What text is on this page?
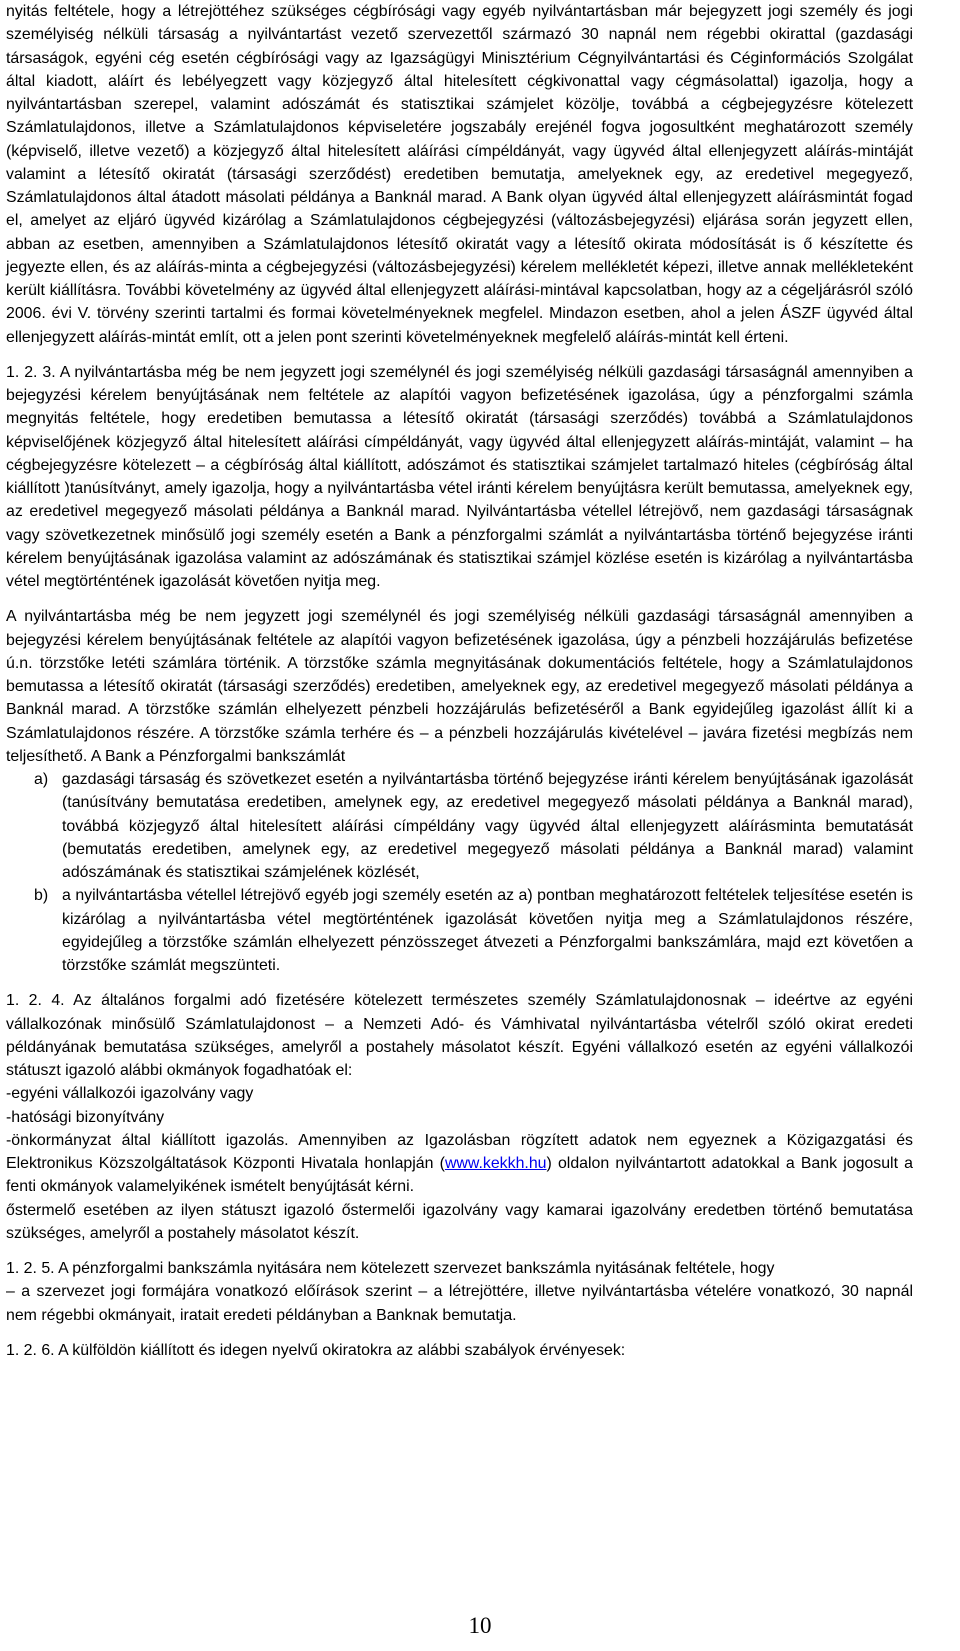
nyitás feltétele, hogy a létrejöttéhez szükséges cégbírósági vagy egyéb nyilvántartásban már bejegyzett jogi személy és jogi személyiség nélküli társaság a nyilvántartást vezető szervezettől származó 30 napnál nem régebbi okirattal (gazdasági társaságok, egyéni cég esetén cégbírósági vagy az Igazságügyi Minisztérium Cégnyilvántartási és Céginformációs Szolgálat által kiadott, aláírt és lebélyegzett vagy közjegyző által hitelesített cégkivonattal vagy cégmásolattal) igazolja, hogy a nyilvántartásban szerepel, valamint adószámát és statisztikai számjelet közölje, továbbá a cégbejegyzésre kötelezett Számlatulajdonos, illetve a Számlatulajdonos képviseletére jogszabály erejénél fogva jogosultként meghatározott személy (képviselő, illetve vezető) a közjegyző által hitelesített aláírási címpéldányát, vagy ügyvéd által ellenjegyzett aláírás-mintáját valamint a létesítő okiratát (társasági szerződést) eredetiben bemutatja, amelyeknek egy, az eredetivel megegyező, Számlatulajdonos által átadott másolati példánya a Banknál marad. A Bank olyan ügyvéd által ellenjegyzett aláírásmintát fogad el, amelyet az eljáró ügyvéd kizárólag a Számlatulajdonos cégbejegyzési (változásbejegyzési) eljárása során jegyzett ellen, abban az esetben, amennyiben a Számlatulajdonos létesítő okiratát vagy a létesítő okirata módosítását is ő készítette és jegyezte ellen, és az aláírás-minta a cégbejegyzési (változásbejegyzési) kérelem mellékletét képezi, illetve annak mellékleteként került kiállításra. További követelmény az ügyvéd által ellenjegyzett aláírási-mintával kapcsolatban, hogy az a cégeljárásról szóló 2006. évi V. törvény szerinti tartalmi és formai követelményeknek megfelel. Mindazon esetben, ahol a jelen ÁSZF ügyvéd által ellenjegyzett aláírás-mintát említ, ott a jelen pont szerinti követelményeknek megfelelő aláírás-mintát kell érteni.

1. 2. 3. A nyilvántartásba még be nem jegyzett jogi személynél és jogi személyiség nélküli gazdasági társaságnál amennyiben a bejegyzési kérelem benyújtásának nem feltétele az alapítói vagyon befizetésének igazolása, úgy a pénzforgalmi számla megnyitás feltétele, hogy eredetiben bemutassa a létesítő okiratát (társasági szerződés) továbbá a Számlatulajdonos képviselőjének közjegyző által hitelesített aláírási címpéldányát, vagy ügyvéd által ellenjegyzett aláírás-mintáját, valamint – ha cégbejegyzésre kötelezett – a cégbíróság által kiállított, adószámot és statisztikai számjelet tartalmazó hiteles (cégbíróság által kiállított )tanúsítványt, amely igazolja, hogy a nyilvántartásba vétel iránti kérelem benyújtásra került bemutassa, amelyeknek egy, az eredetivel megegyező másolati példánya a Banknál marad. Nyilvántartásba vétellel létrejövő, nem gazdasági társaságnak vagy szövetkezetnek minősülő jogi személy esetén a Bank a pénzforgalmi számlát a nyilvántartásba történő bejegyzése iránti kérelem benyújtásának igazolása valamint az adószámának és statisztikai számjel közlése esetén is kizárólag a nyilvántartásba vétel megtörténtének igazolását követően nyitja meg.

A nyilvántartásba még be nem jegyzett jogi személynél és jogi személyiség nélküli gazdasági társaságnál amennyiben a bejegyzési kérelem benyújtásának feltétele az alapítói vagyon befizetésének igazolása, úgy a pénzbeli hozzájárulás befizetése ú.n. törzstőke letéti számlára történik. A törzstőke számla megnyitásának dokumentációs feltétele, hogy a Számlatulajdonos bemutassa a létesítő okiratát (társasági szerződés) eredetiben, amelyeknek egy, az eredetivel megegyező másolati példánya a Banknál marad. A törzstőke számlán elhelyezett pénzbeli hozzájárulás befizetéséről a Bank egyidejűleg igazolást állít ki a Számlatulajdonos részére. A törzstőke számla terhére és – a pénzbeli hozzájárulás kivételével – javára fizetési megbízás nem teljesíthető. A Bank a Pénzforgalmi bankszámlát

a) gazdasági társaság és szövetkezet esetén a nyilvántartásba történő bejegyzése iránti kérelem benyújtásának igazolását (tanúsítvány bemutatása eredetiben, amelynek egy, az eredetivel megegyező másolati példánya a Banknál marad), továbbá közjegyző által hitelesített aláírási címpéldány vagy ügyvéd által ellenjegyzett aláírásminta bemutatását (bemutatás eredetiben, amelynek egy, az eredetivel megegyező másolati példánya a Banknál marad) valamint adószámának és statisztikai számjelének közlését,
b) a nyilvántartásba vétellel létrejövő egyéb jogi személy esetén az a) pontban meghatározott feltételek teljesítése esetén is kizárólag a nyilvántartásba vétel megtörténtének igazolását követően nyitja meg a Számlatulajdonos részére, egyidejűleg a törzstőke számlán elhelyezett pénzösszeget átvezeti a Pénzforgalmi bankszámlára, majd ezt követően a törzstőke számlát megszünteti.

1. 2. 4. Az általános forgalmi adó fizetésére kötelezett természetes személy Számlatulajdonosnak – ideértve az egyéni vállalkozónak minősülő Számlatulajdonost – a Nemzeti Adó- és Vámhivatal nyilvántartásba vételről szóló okirat eredeti példányának bemutatása szükséges, amelyről a postahely másolatot készít. Egyéni vállalkozó esetén az egyéni vállalkozói státuszt igazoló alábbi okmányok fogadhatóak el:

-egyéni vállalkozói igazolvány vagy
-hatósági bizonyítvány

-önkormányzat által kiállított igazolás. Amennyiben az Igazolásban rögzített adatok nem egyeznek a Közigazgatási és Elektronikus Közszolgáltatások Központi Hivatala honlapján (www.kekkh.hu) oldalon nyilvántartott adatokkal a Bank jogosult a fenti okmányok valamelyikének ismételt benyújtását kérni.

őstermelő esetében az ilyen státuszt igazoló őstermelői igazolvány vagy kamarai igazolvány eredetben történő bemutatása szükséges, amelyről a postahely másolatot készít.

1. 2. 5. A pénzforgalmi bankszámla nyitására nem kötelezett szervezet bankszámla nyitásának feltétele, hogy

– a szervezet jogi formájára vonatkozó előírások szerint – a létrejöttére, illetve nyilvántartásba vételére vonatkozó, 30 napnál nem régebbi okmányait, iratait eredeti példányban a Banknak bemutatja.

1. 2. 6. A külföldön kiállított és idegen nyelvű okiratokra az alábbi szabályok érvényesek:

10
